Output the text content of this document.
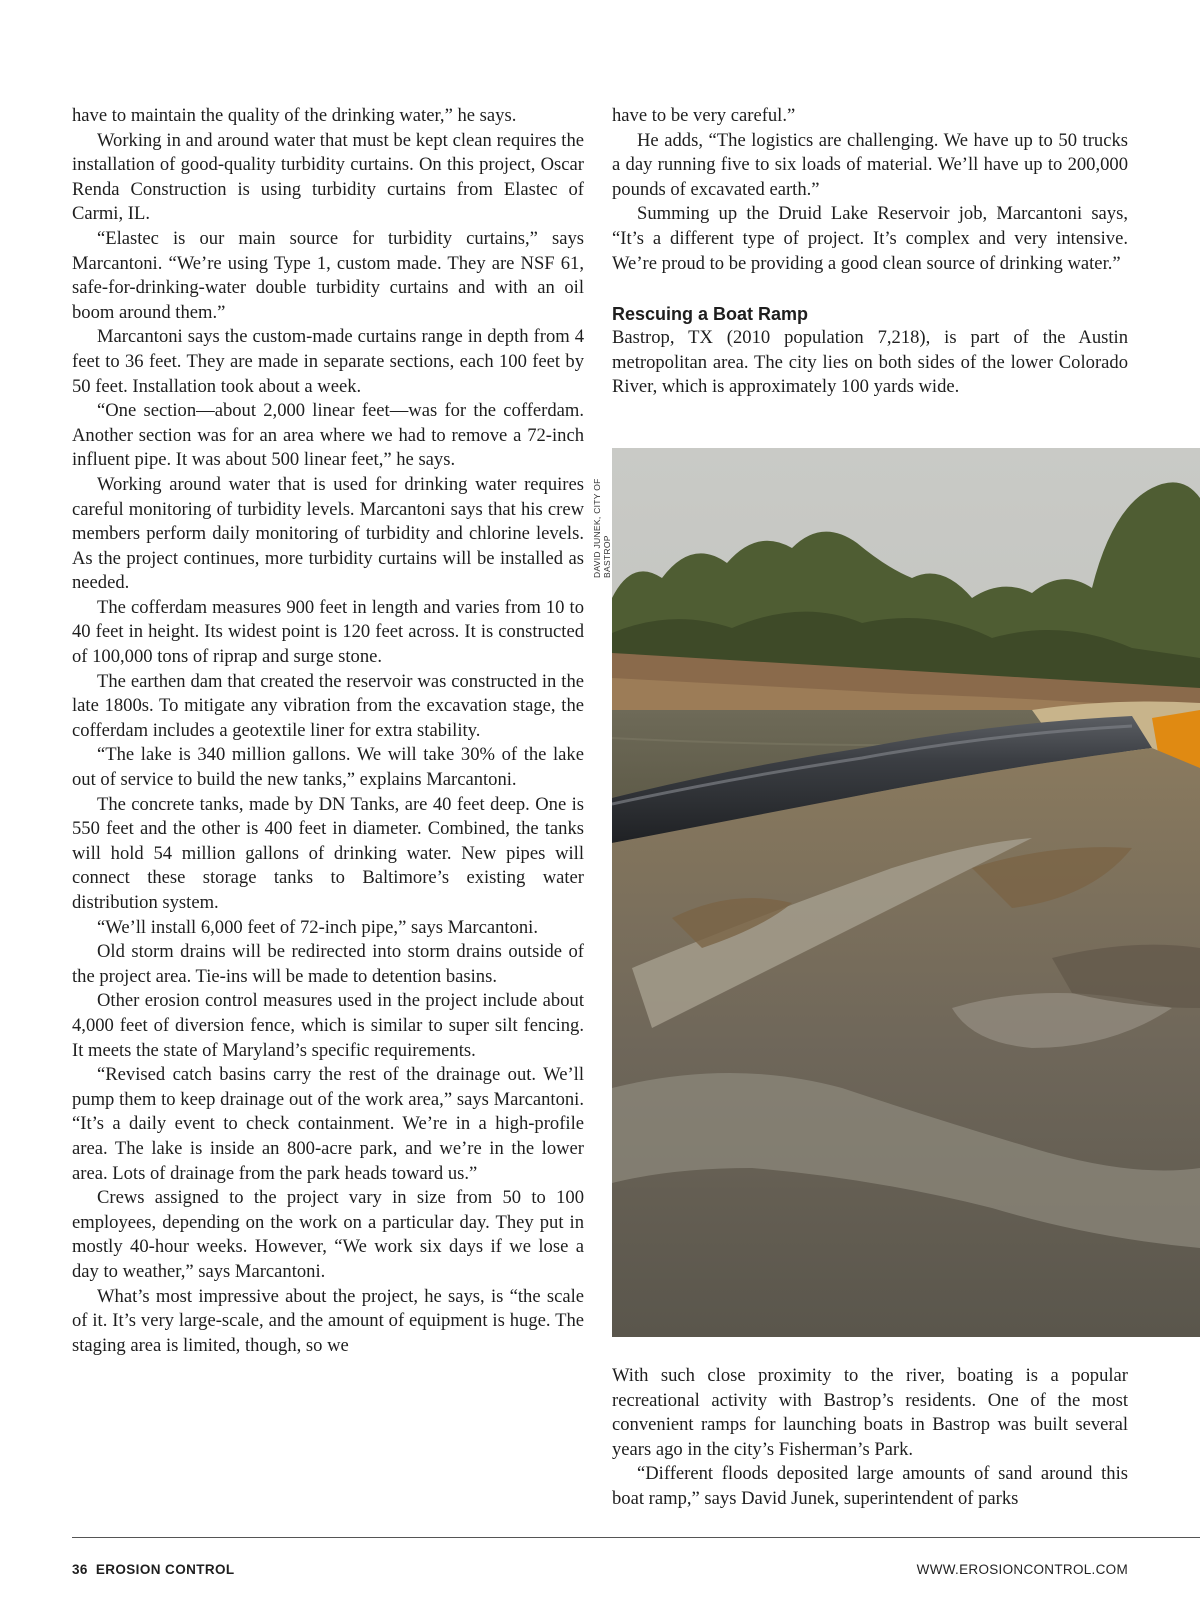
have to maintain the quality of the drinking water,” he says.

Working in and around water that must be kept clean requires the installation of good-quality turbidity curtains. On this project, Oscar Renda Construction is using turbidity curtains from Elastec of Carmi, IL.

“Elastec is our main source for turbidity curtains,” says Marcantoni. “We’re using Type 1, custom made. They are NSF 61, safe-for-drinking-water double turbidity curtains and with an oil boom around them.”

Marcantoni says the custom-made curtains range in depth from 4 feet to 36 feet. They are made in separate sections, each 100 feet by 50 feet. Installation took about a week.

“One section—about 2,000 linear feet—was for the cofferdam. Another section was for an area where we had to remove a 72-inch influent pipe. It was about 500 linear feet,” he says.

Working around water that is used for drinking water requires careful monitoring of turbidity levels. Marcantoni says that his crew members perform daily monitoring of turbidity and chlorine levels. As the project continues, more turbidity curtains will be installed as needed.

The cofferdam measures 900 feet in length and varies from 10 to 40 feet in height. Its widest point is 120 feet across. It is constructed of 100,000 tons of riprap and surge stone.

The earthen dam that created the reservoir was constructed in the late 1800s. To mitigate any vibration from the excavation stage, the cofferdam includes a geotextile liner for extra stability.

“The lake is 340 million gallons. We will take 30% of the lake out of service to build the new tanks,” explains Marcantoni.

The concrete tanks, made by DN Tanks, are 40 feet deep. One is 550 feet and the other is 400 feet in diameter. Combined, the tanks will hold 54 million gallons of drinking water. New pipes will connect these storage tanks to Baltimore’s existing water distribution system.

“We’ll install 6,000 feet of 72-inch pipe,” says Marcantoni.

Old storm drains will be redirected into storm drains outside of the project area. Tie-ins will be made to detention basins.

Other erosion control measures used in the project include about 4,000 feet of diversion fence, which is similar to super silt fencing. It meets the state of Maryland’s specific requirements.

“Revised catch basins carry the rest of the drainage out. We’ll pump them to keep drainage out of the work area,” says Marcantoni. “It’s a daily event to check containment. We’re in a high-profile area. The lake is inside an 800-acre park, and we’re in the lower area. Lots of drainage from the park heads toward us.”

Crews assigned to the project vary in size from 50 to 100 employees, depending on the work on a particular day. They put in mostly 40-hour weeks. However, “We work six days if we lose a day to weather,” says Marcantoni.

What’s most impressive about the project, he says, is “the scale of it. It’s very large-scale, and the amount of equipment is huge. The staging area is limited, though, so we

have to be very careful.”

He adds, “The logistics are challenging. We have up to 50 trucks a day running five to six loads of material. We’ll have up to 200,000 pounds of excavated earth.”

Summing up the Druid Lake Reservoir job, Marcantoni says, “It’s a different type of project. It’s complex and very intensive. We’re proud to be providing a good clean source of drinking water.”

Rescuing a Boat Ramp

Bastrop, TX (2010 population 7,218), is part of the Austin metropolitan area. The city lies on both sides of the lower Colorado River, which is approximately 100 yards wide.

DAVID JUNEK, CITY OF BASTROP

With such close proximity to the river, boating is a popular recreational activity with Bastrop’s residents. One of the most convenient ramps for launching boats in Bastrop was built several years ago in the city’s Fisherman’s Park.

“Different floods deposited large amounts of sand around this boat ramp,” says David Junek, superintendent of parks

36 EROSION CONTROL	WWW.EROSIONCONTROL.COM
